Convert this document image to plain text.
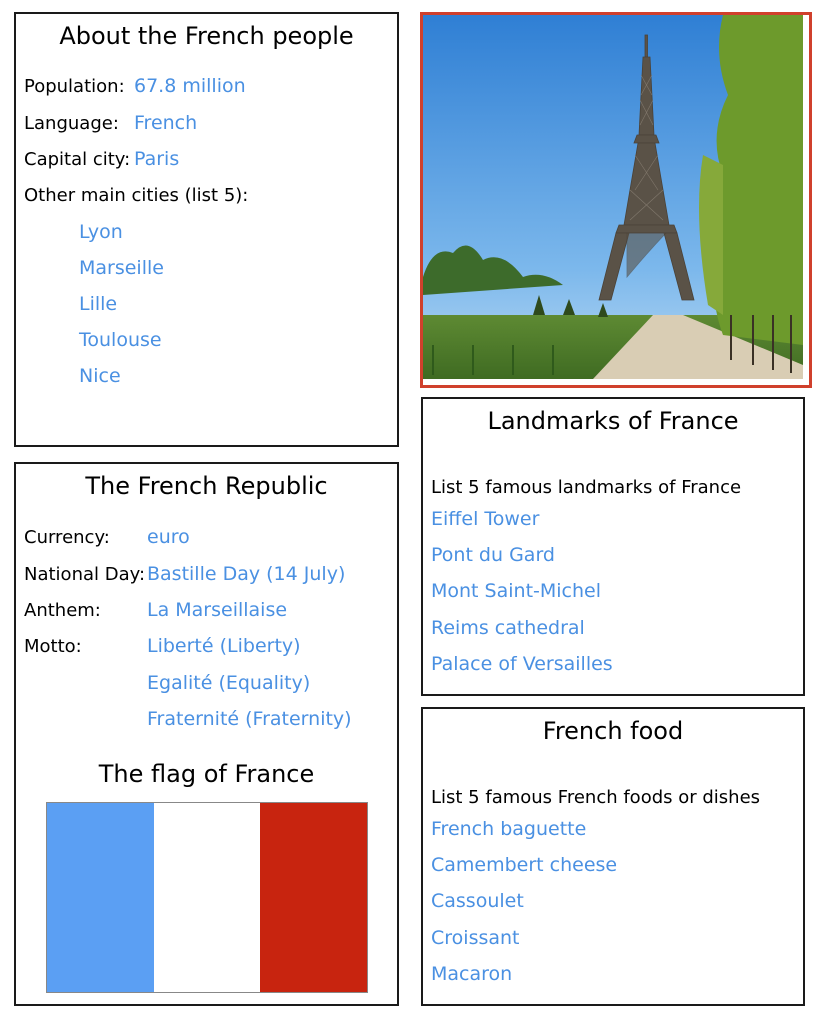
About the French people
Population: 67.8 million
Language: French
Capital city: Paris
Other main cities (list 5):
Lyon
Marseille
Lille
Toulouse
Nice
The French Republic
Currency: euro
National Day: Bastille Day (14 July)
Anthem: La Marseillaise
Motto:	Liberté (Liberty)
Egalité (Equality)
Fraternité (Fraternity)
The flag of France
Landmarks of France
List 5 famous landmarks of France
Eiffel Tower
Pont du Gard
Mont Saint-Michel
Reims cathedral
Palace of Versailles
French food
List 5 famous French foods or dishes
French baguette
Camembert cheese
Cassoulet
Croissant
Macaron
